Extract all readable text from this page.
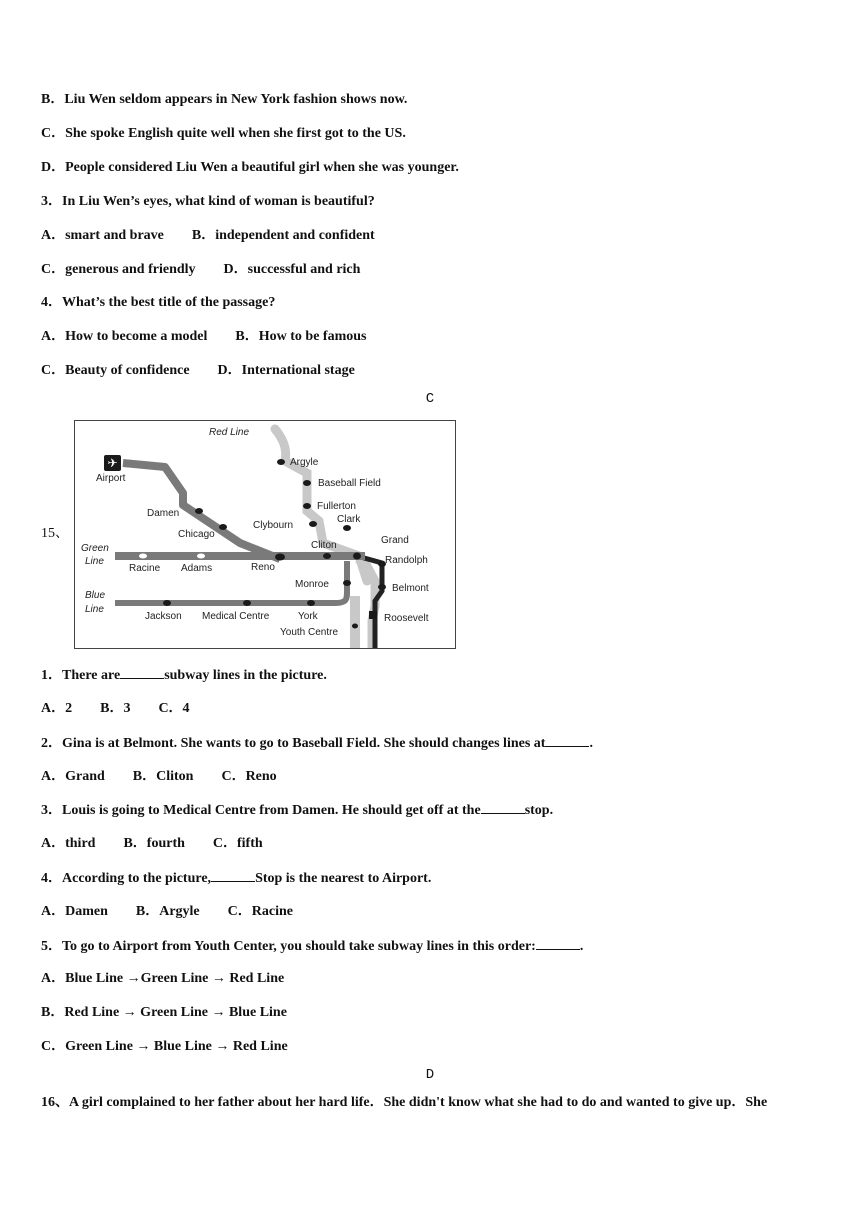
B．Liu Wen seldom appears in New York fashion shows now.
C．She spoke English quite well when she first got to the US.
D．People considered Liu Wen a beautiful girl when she was younger.
3．In Liu Wen’s eyes, what kind of woman is beautiful?
A．smart and brave        B．independent and confident
C．generous and friendly        D．successful and rich
4．What’s the best title of the passage?
A．How to become a model        B．How to be famous
C．Beauty of confidence        D．International stage
C
15、
✈
Red Line
Green
Line
Blue
Line
Airport
Damen
Chicago
Clybourn
Argyle
Baseball Field
Fullerton
Clark
Cliton	Grand
Randolph
Belmont
Roosevelt
Racine Adams	Reno
Monroe
Jackson Medical Centre	York
Youth Centre
1．There are	subway lines in the picture.
A．2        B．3        C．4
2．Gina is at Belmont. She wants to go to Baseball Field. She should changes lines at	.
A．Grand        B．Cliton        C．Reno
3．Louis is going to Medical Centre from Damen. He should get off at the	stop.
A．third        B．fourth        C．fifth
4．According to the picture,	Stop is the nearest to Airport.
A．Damen        B．Argyle        C．Racine
5．To go to Airport from Youth Center, you should take subway lines in this order:	.
A．Blue Line →Green Line → Red Line
B．Red Line → Green Line → Blue Line
C．Green Line → Blue Line → Red Line
D
16、A girl complained to her father about her hard life．She didn't know what she had to do and wanted to give up．She
